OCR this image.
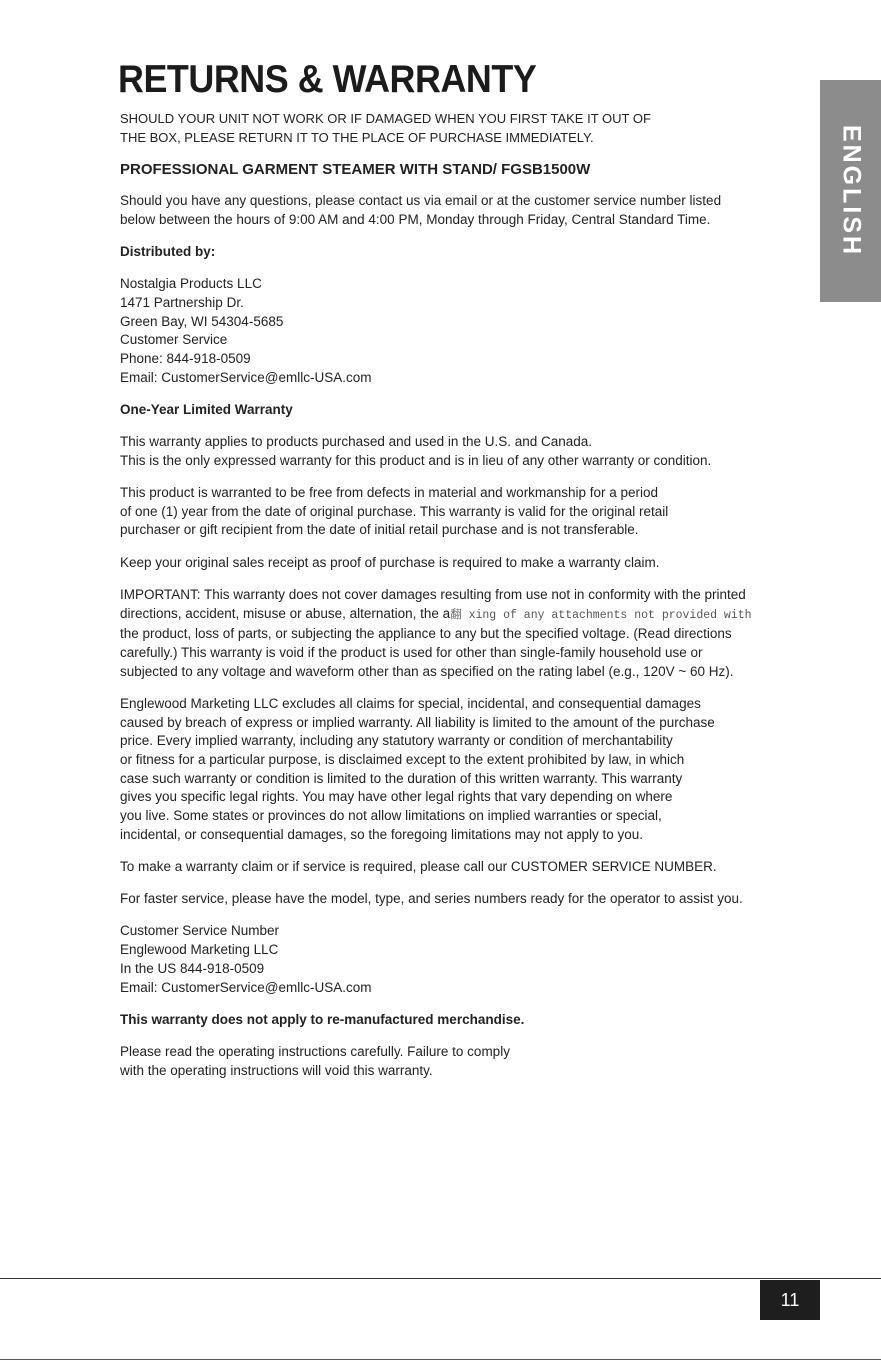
RETURNS & WARRANTY
ENGLISH

SHOULD YOUR UNIT NOT WORK OR IF DAMAGED WHEN YOU FIRST TAKE IT OUT OF
THE BOX, PLEASE RETURN IT TO THE PLACE OF PURCHASE IMMEDIATELY.

PROFESSIONAL GARMENT STEAMER WITH STAND/ FGSB1500W

Should you have any questions, please contact us via email or at the customer service number listed
below between the hours of 9:00 AM and 4:00 PM, Monday through Friday, Central Standard Time.

Distributed by:

Nostalgia Products LLC
1471 Partnership Dr.
Green Bay, WI 54304-5685
Customer Service
Phone: 844-918-0509
Email: CustomerService@emllc-USA.com

One-Year Limited Warranty

This warranty applies to products purchased and used in the U.S. and Canada.
This is the only expressed warranty for this product and is in lieu of any other warranty or condition.

This product is warranted to be free from defects in material and workmanship for a period
of one (1) year from the date of original purchase. This warranty is valid for the original retail
purchaser or gift recipient from the date of initial retail purchase and is not transferable.

Keep your original sales receipt as proof of purchase is required to make a warranty claim.

IMPORTANT: This warranty does not cover damages resulting from use not in conformity with the printed
directions, accident, misuse or abuse, alternation, the a翻 xing of any attachments not provided with
the product, loss of parts, or subjecting the appliance to any but the specified voltage. (Read directions
carefully.) This warranty is void if the product is used for other than single-family household use or
subjected to any voltage and waveform other than as specified on the rating label (e.g., 120V ~ 60 Hz).

Englewood Marketing LLC excludes all claims for special, incidental, and consequential damages
caused by breach of express or implied warranty. All liability is limited to the amount of the purchase
price. Every implied warranty, including any statutory warranty or condition of merchantability
or fitness for a particular purpose, is disclaimed except to the extent prohibited by law, in which
case such warranty or condition is limited to the duration of this written warranty. This warranty
gives you specific legal rights. You may have other legal rights that vary depending on where
you live. Some states or provinces do not allow limitations on implied warranties or special,
incidental, or consequential damages, so the foregoing limitations may not apply to you.

To make a warranty claim or if service is required, please call our CUSTOMER SERVICE NUMBER.

For faster service, please have the model, type, and series numbers ready for the operator to assist you.

Customer Service Number
Englewood Marketing LLC
In the US 844-918-0509
Email: CustomerService@emllc-USA.com

This warranty does not apply to re-manufactured merchandise.

Please read the operating instructions carefully. Failure to comply
with the operating instructions will void this warranty.

11
